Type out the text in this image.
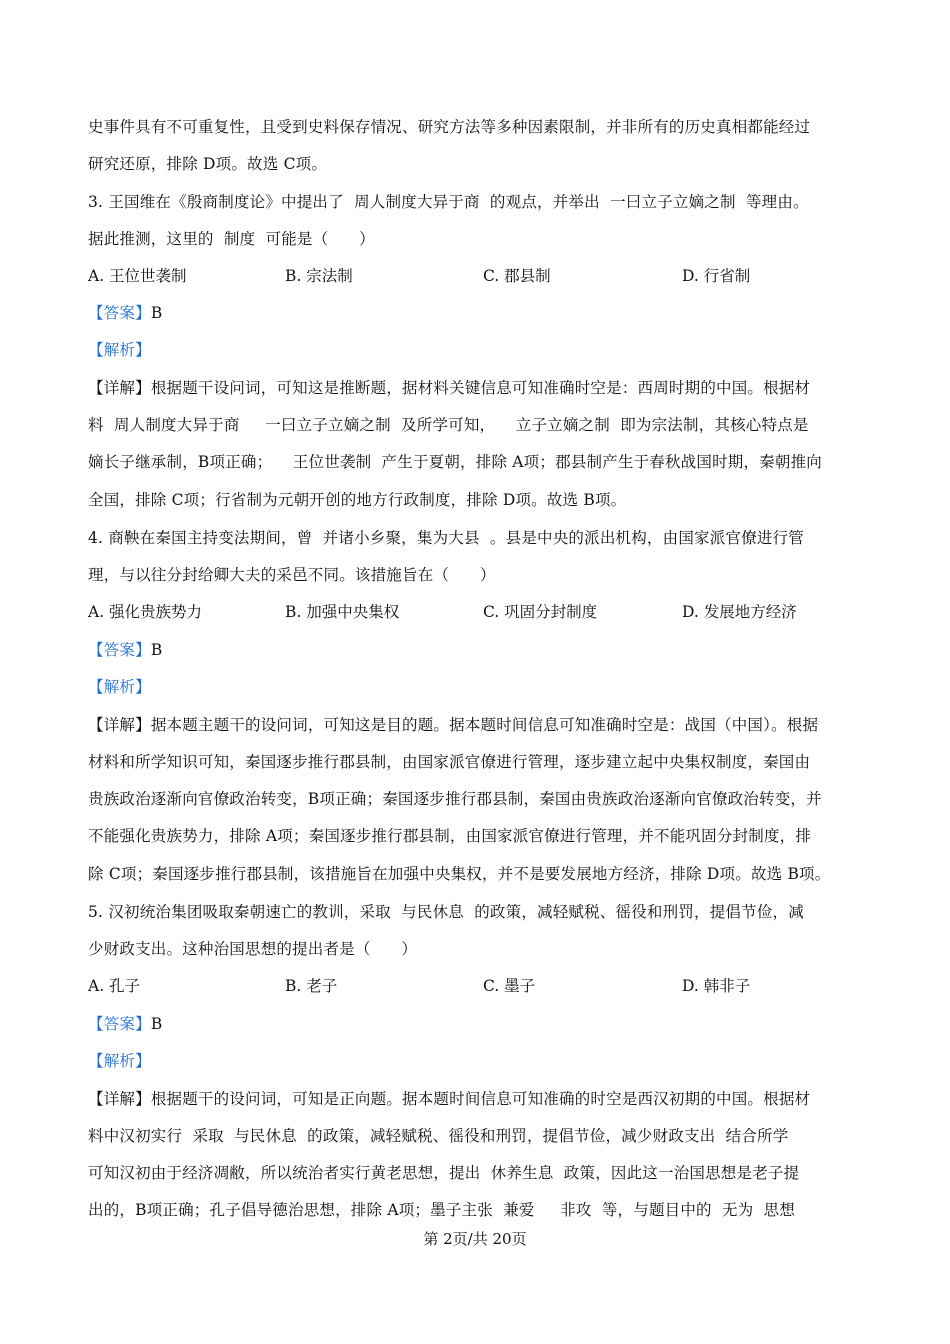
史事件具有不可重复性，且受到史料保存情况、研究方法等多种因素限制，并非所有的历史真相都能经过
研究还原，排除 D项。故选 C项。
3. 王国维在《殷商制度论》中提出了  周人制度大异于商  的观点，并举出  一曰立子立嫡之制  等理由。
据此推测，这里的  制度  可能是（      ）
A. 王位世袭制	B. 宗法制	C. 郡县制	D. 行省制
【答案】B
【解析】
【详解】根据题干设问词，可知这是推断题，据材料关键信息可知准确时空是：西周时期的中国。根据材
料  周人制度大异于商     一曰立子立嫡之制  及所学可知，    立子立嫡之制  即为宗法制，其核心特点是
嫡长子继承制，B项正确；    王位世袭制  产生于夏朝，排除 A项；郡县制产生于春秋战国时期，秦朝推向
全国，排除 C项；行省制为元朝开创的地方行政制度，排除 D项。故选 B项。
4. 商鞅在秦国主持变法期间，曾  并诸小乡聚，集为大县  。县是中央的派出机构，由国家派官僚进行管
理，与以往分封给卿大夫的采邑不同。该措施旨在（      ）
A. 强化贵族势力	B. 加强中央集权	C. 巩固分封制度	D. 发展地方经济
【答案】B
【解析】
【详解】据本题主题干的设问词，可知这是目的题。据本题时间信息可知准确时空是：战国（中国）。根据
材料和所学知识可知，秦国逐步推行郡县制，由国家派官僚进行管理，逐步建立起中央集权制度，秦国由
贵族政治逐渐向官僚政治转变，B项正确；秦国逐步推行郡县制，秦国由贵族政治逐渐向官僚政治转变，并
不能强化贵族势力，排除 A项；秦国逐步推行郡县制，由国家派官僚进行管理，并不能巩固分封制度，排
除 C项；秦国逐步推行郡县制，该措施旨在加强中央集权，并不是要发展地方经济，排除 D项。故选 B项。
5. 汉初统治集团吸取秦朝速亡的教训，采取  与民休息  的政策，减轻赋税、徭役和刑罚，提倡节俭，减
少财政支出。这种治国思想的提出者是（      ）
A. 孔子	B. 老子	C. 墨子	D. 韩非子
【答案】B
【解析】
【详解】根据题干的设问词，可知是正向题。据本题时间信息可知准确的时空是西汉初期的中国。根据材
料中汉初实行  采取  与民休息  的政策，减轻赋税、徭役和刑罚，提倡节俭，减少财政支出  结合所学
可知汉初由于经济凋敝，所以统治者实行黄老思想，提出  休养生息  政策，因此这一治国思想是老子提
出的，B项正确；孔子倡导德治思想，排除 A项；墨子主张  兼爱     非攻  等，与题目中的  无为  思想
第 2页/共 20页
